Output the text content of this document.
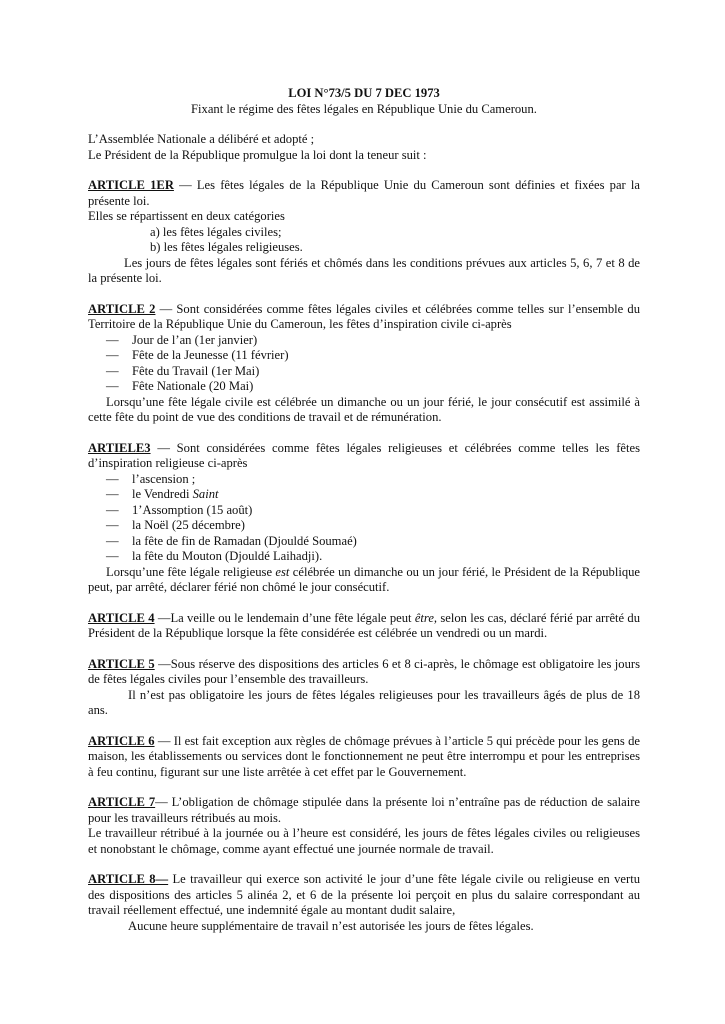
LOI N°73/5 DU 7 DEC 1973
Fixant le régime des fêtes légales en République Unie du Cameroun.

L’Assemblée Nationale a délibéré et adopté ;

Le Président de la République promulgue la loi dont la teneur suit :

ARTICLE 1ER — Les fêtes légales de la République Unie du Cameroun sont définies et fixées par la présente loi.

Elles se répartissent en deux catégories

a) les fêtes légales civiles;

b) les fêtes légales religieuses.

Les jours de fêtes légales sont fériés et chômés dans les conditions prévues aux articles 5, 6, 7 et 8 de la présente loi.

ARTICLE 2 — Sont considérées comme fêtes légales civiles et célébrées comme telles sur l’ensemble du Territoire de la République Unie du Cameroun, les fêtes d’inspiration civile ci-après

— Jour de l’an (1er janvier)

— Fête de la Jeunesse (11 février)

— Fête du Travail (1er Mai)

— Fête Nationale (20 Mai)

Lorsqu’une fête légale civile est célébrée un dimanche ou un jour férié, le jour consécutif est assimilé à cette fête du point de vue des conditions de travail et de rémunération.

ARTIELE3 — Sont considérées comme fêtes légales religieuses et célébrées comme telles les fêtes d’inspiration religieuse ci-après

— l’ascension ;

— le Vendredi Saint

— 1’Assomption (15 août)

— la Noël (25 décembre)

— la fête de fin de Ramadan (Djouldé Soumaé)

— la fête du Mouton (Djouldé Laihadji).

Lorsqu’une fête légale religieuse est célébrée un dimanche ou un jour férié, le Président de la République peut, par arrêté, déclarer férié non chômé le jour consécutif.

ARTICLE 4 —La veille ou le lendemain d’une fête légale peut être, selon les cas, déclaré férié par arrêté du Président de la République lorsque la fête considérée est célébrée un vendredi ou un mardi.

ARTICLE 5 —Sous réserve des dispositions des articles 6 et 8 ci-après, le chômage est obligatoire les jours de fêtes légales civiles pour l’ensemble des travailleurs.

Il n’est pas obligatoire les jours de fêtes légales religieuses pour les travailleurs âgés de plus de 18 ans.

ARTICLE 6 — Il est fait exception aux règles de chômage prévues à l’article 5 qui précède pour les gens de maison, les établissements ou services dont le fonctionnement ne peut être interrompu et pour les entreprises à feu continu, figurant sur une liste arrêtée à cet effet par le Gouvernement.

ARTICLE 7— L’obligation de chômage stipulée dans la présente loi n’entraîne pas de réduction de salaire pour les travailleurs rétribués au mois.

Le travailleur rétribué à la journée ou à l’heure est considéré, les jours de fêtes légales civiles ou religieuses et nonobstant le chômage, comme ayant effectué une journée normale de travail.

ARTICLE 8— Le travailleur qui exerce son activité le jour d’une fête légale civile ou religieuse en vertu des dispositions des articles 5 alinéa 2, et 6 de la présente loi perçoit en plus du salaire correspondant au travail réellement effectué, une indemnité égale au montant dudit salaire,

Aucune heure supplémentaire de travail n’est autorisée les jours de fêtes légales.
